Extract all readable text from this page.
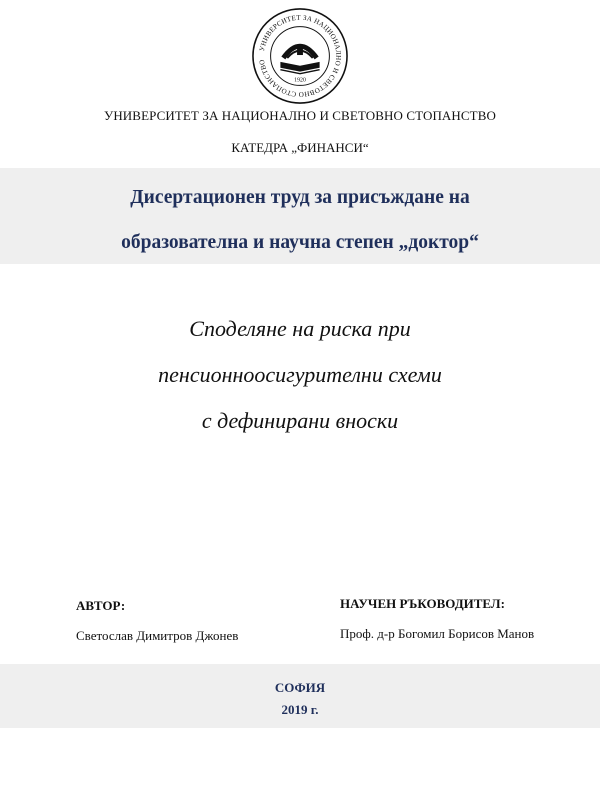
УНИВЕРСИТЕТ ЗА НАЦИОНАЛНО И СВЕТОВНО СТОПАНСТВО
1920
УНИВЕРСИТЕТ ЗА НАЦИОНАЛНО И СВЕТОВНО СТОПАНСТВО
КАТЕДРА „ФИНАНСИ“
Дисертационен труд за присъждане на
образователна и научна степен „доктор“
Споделяне на риска при
пенсионноосигурителни схеми
с дефинирани вноски
АВТОР:
Светослав Димитров Джонев
НАУЧЕН РЪКОВОДИТЕЛ:
Проф. д-р Богомил Борисов Манов
СОФИЯ
2019 г.
